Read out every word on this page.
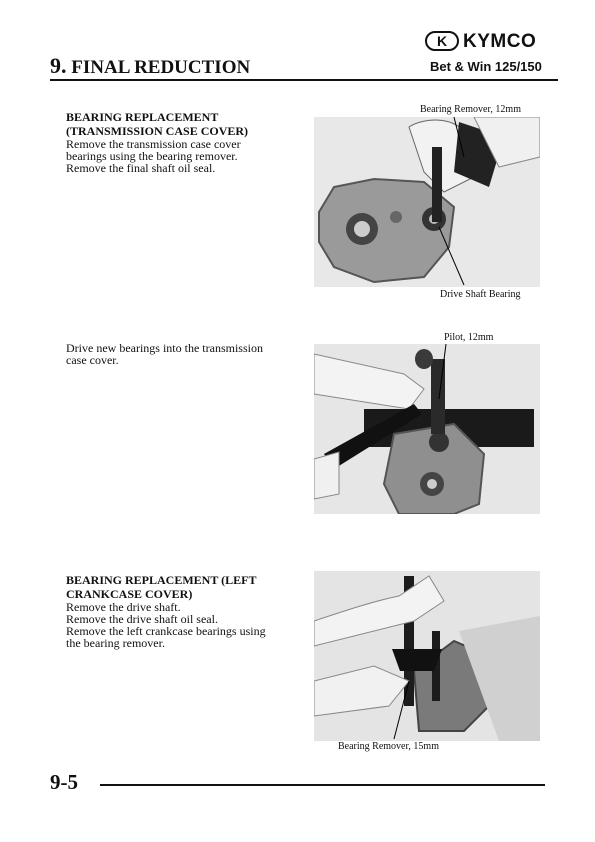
K KYMCO
9. FINAL REDUCTION	Bet & Win 125/150
BEARING REPLACEMENT
(TRANSMISSION CASE COVER)
Remove the transmission case cover
bearings using the bearing remover.
Remove the final shaft oil seal.
Bearing Remover, 12mm
Drive Shaft Bearing
Drive new bearings into the transmission
case cover.
Pilot, 12mm
BEARING REPLACEMENT (LEFT
CRANKCASE COVER)
Remove the drive shaft.
Remove the drive shaft oil seal.
Remove the left crankcase bearings using
the bearing remover.
Bearing Remover, 15mm
9-5
